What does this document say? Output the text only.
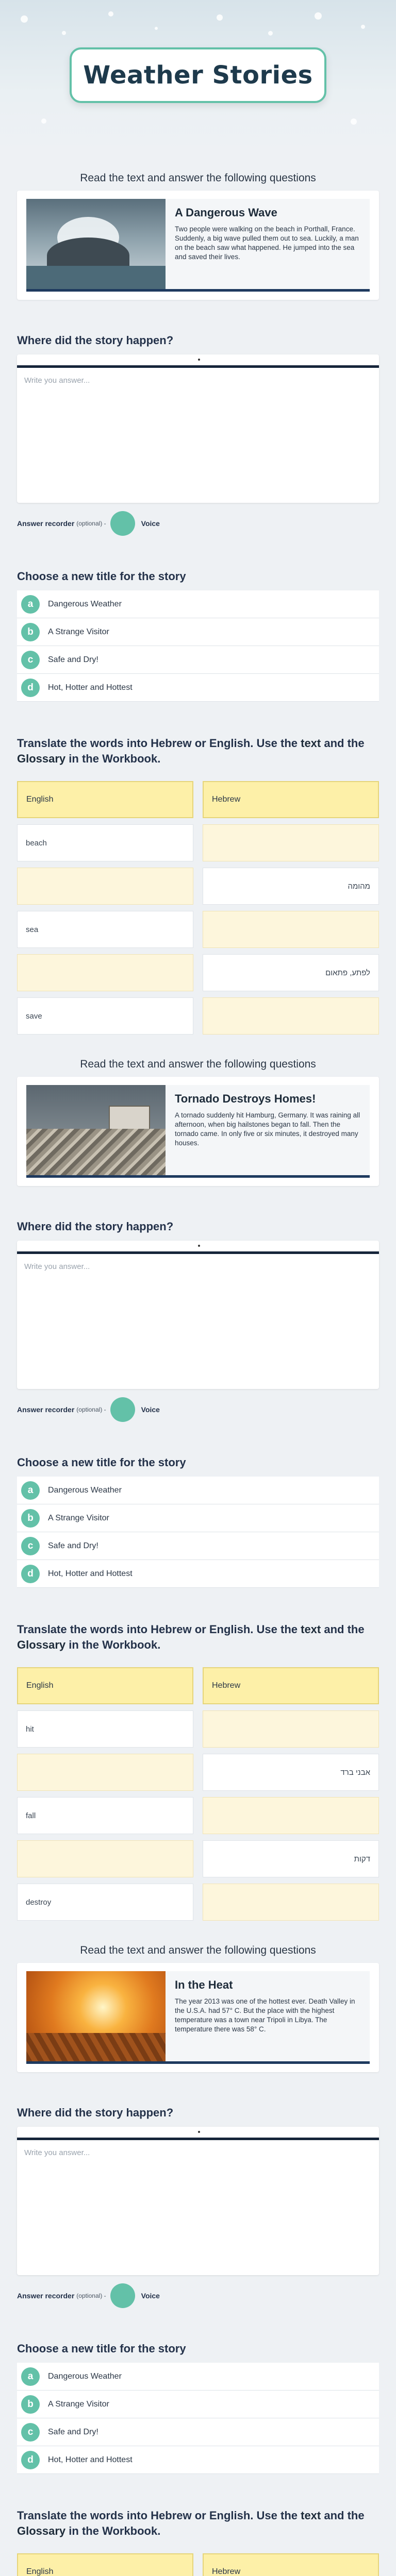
Weather Stories
Read the text and answer the following questions
A Dangerous Wave

Two people were walking on the beach in Porthall, France. Suddenly, a big wave pulled them out to sea. Luckily, a man on the beach saw what happened. He jumped into the sea and saved their lives.

Where did the story happen?
Write you answer...
Answer recorder (optional) -	Voice
Choose a new title for the story
a	Dangerous Weather
b	A Strange Visitor
c	Safe and Dry!
d	Hot, Hotter and Hottest
Translate the words into Hebrew or English. Use the text and the Glossary in the Workbook.
English	Hebrew
beach	
	מהומה
sea	
	לפתע, פתאום
save	
Read the text and answer the following questions
Tornado Destroys Homes!

A tornado suddenly hit Hamburg, Germany. It was raining all afternoon, when big hailstones began to fall. Then the tornado came. In only five or six minutes, it destroyed many houses.

Where did the story happen?
Write you answer...
Answer recorder (optional) -	Voice
Choose a new title for the story
a	Dangerous Weather
b	A Strange Visitor
c	Safe and Dry!
d	Hot, Hotter and Hottest
Translate the words into Hebrew or English. Use the text and the Glossary in the Workbook.
English	Hebrew
hit	
	אבני ברד
fall	
	דקות
destroy	
Read the text and answer the following questions
In the Heat

The year 2013 was one of the hottest ever. Death Valley in the U.S.A. had 57° C. But the place with the highest temperature was a town near Tripoli in Libya. The temperature there was 58° C.

Where did the story happen?
Write you answer...
Answer recorder (optional) -	Voice
Choose a new title for the story
a	Dangerous Weather
b	A Strange Visitor
c	Safe and Dry!
d	Hot, Hotter and Hottest
Translate the words into Hebrew or English. Use the text and the Glossary in the Workbook.
English	Hebrew
